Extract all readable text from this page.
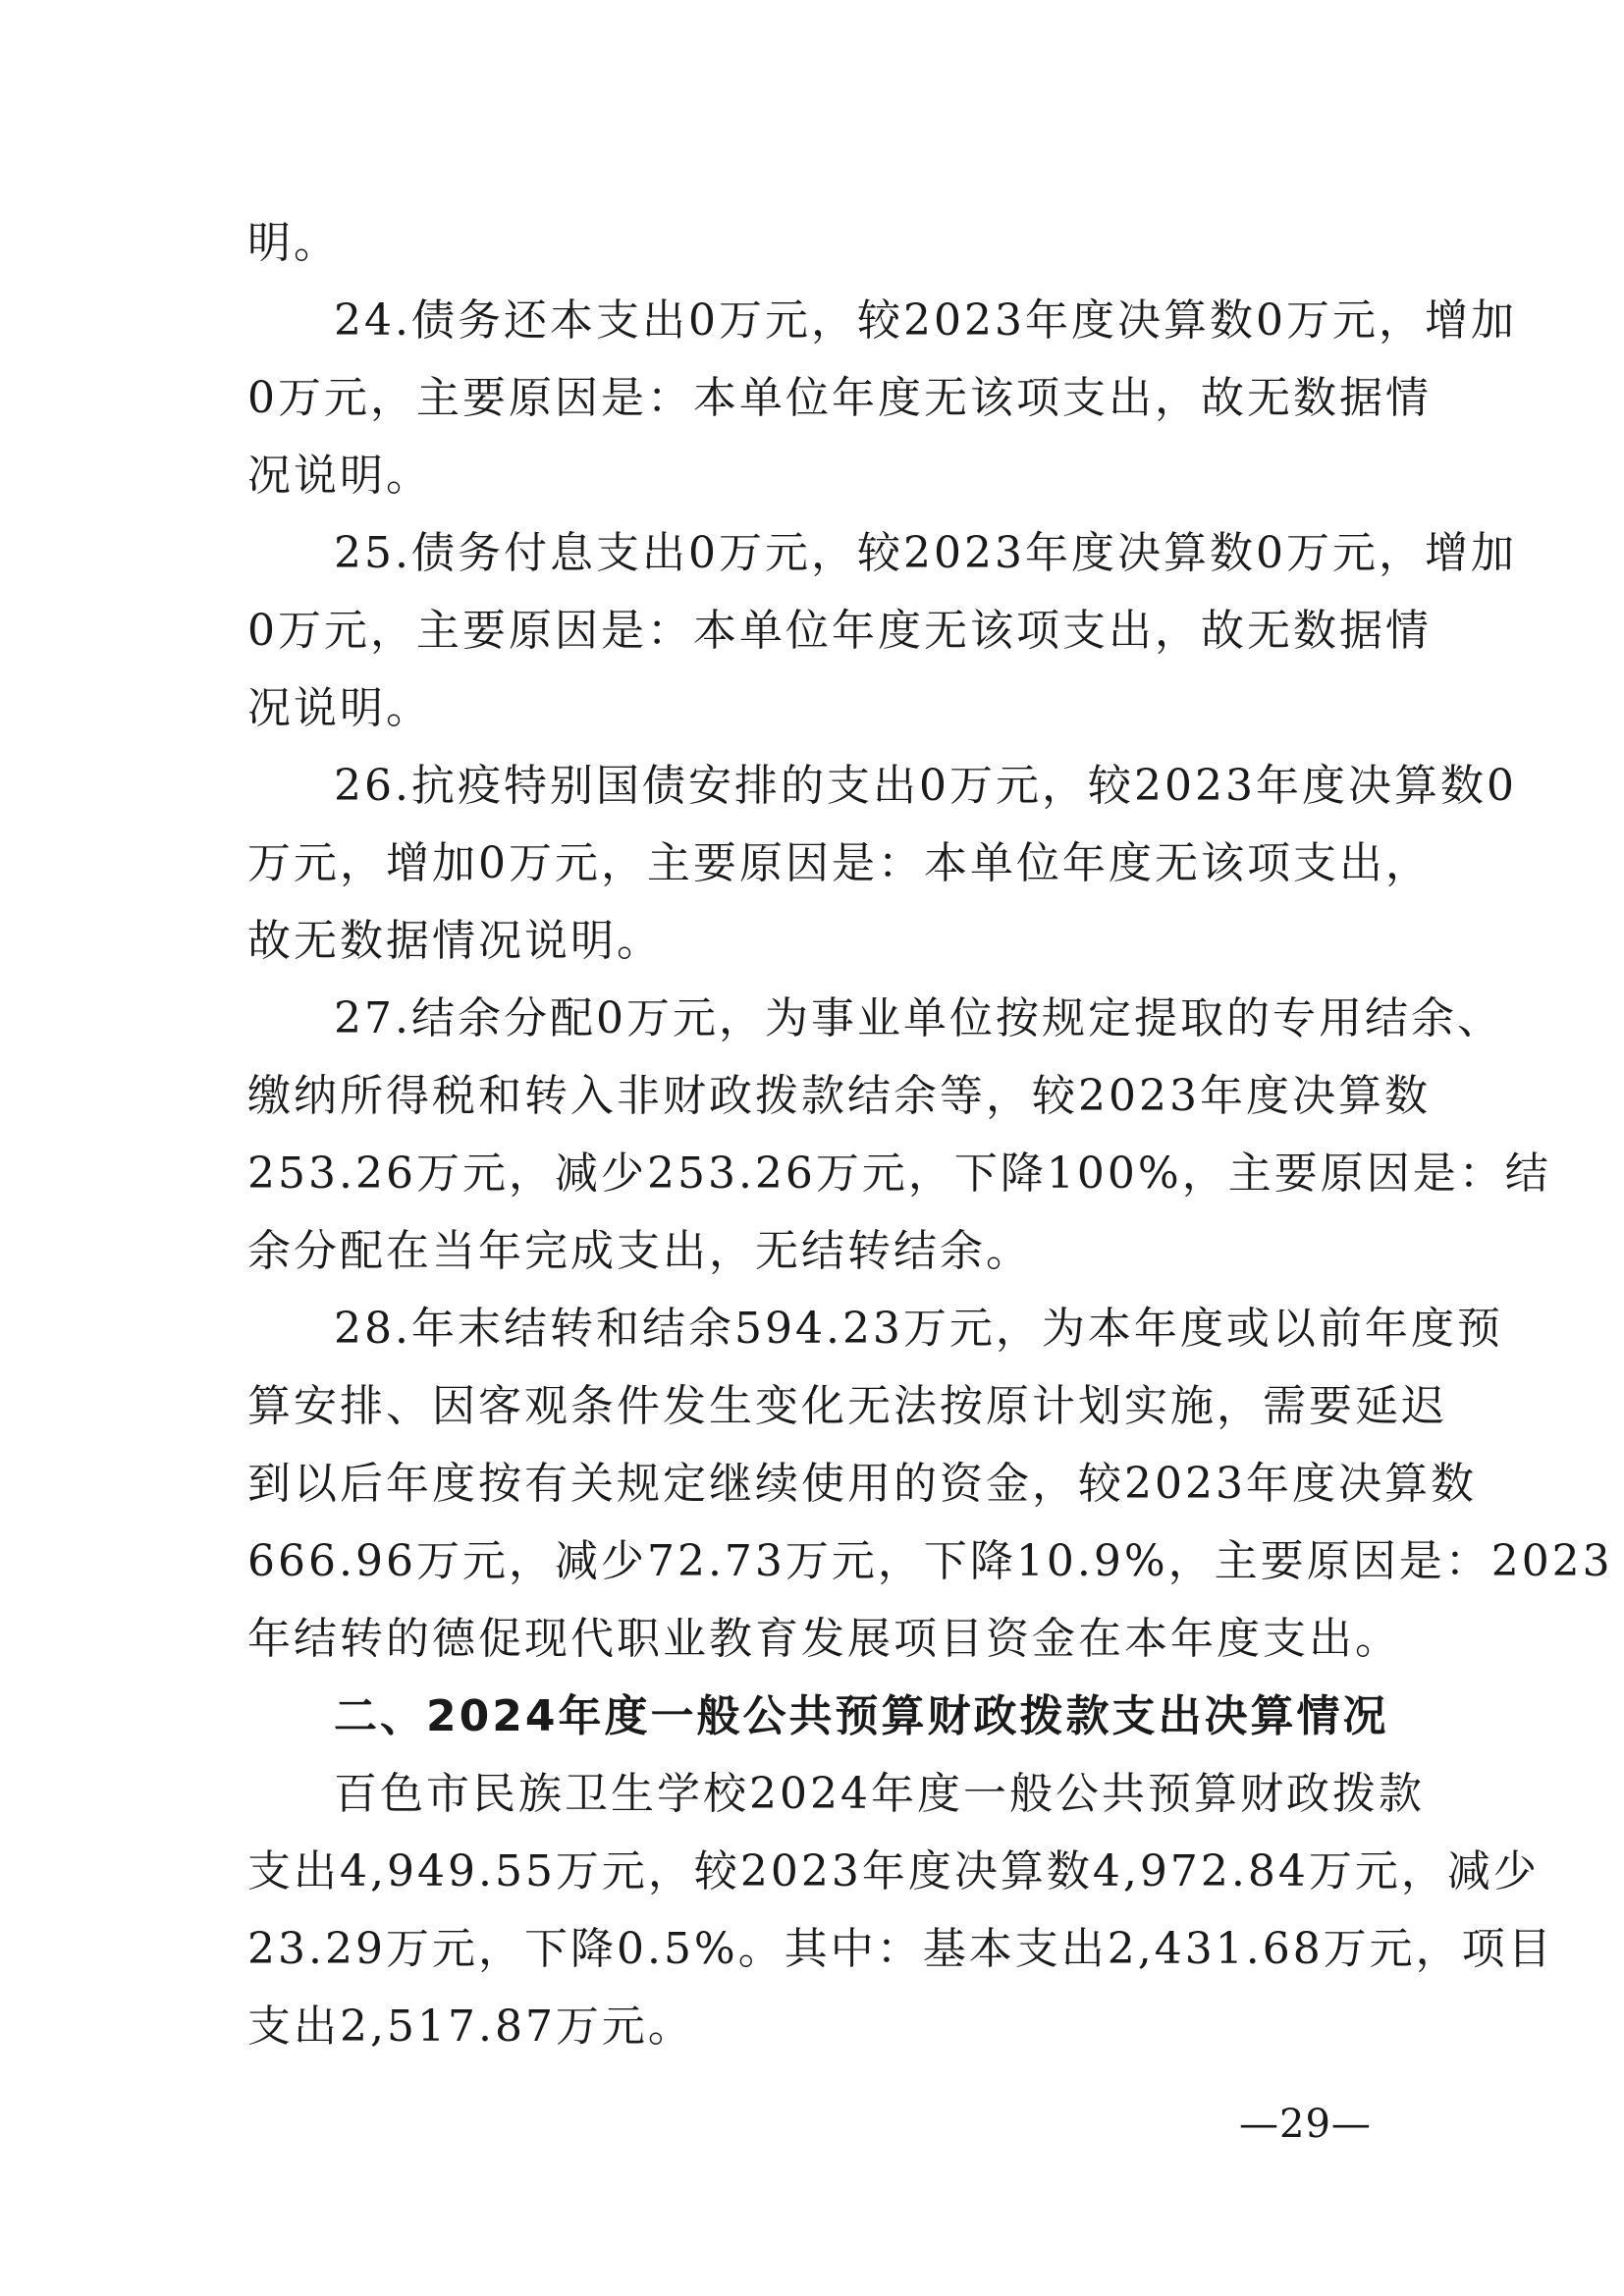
明。

24.债务还本支出0万元，较2023年度决算数0万元，增加

0万元，主要原因是：本单位年度无该项支出，故无数据情

况说明。

25.债务付息支出0万元，较2023年度决算数0万元，增加

0万元，主要原因是：本单位年度无该项支出，故无数据情

况说明。

26.抗疫特别国债安排的支出0万元，较2023年度决算数0

万元，增加0万元，主要原因是：本单位年度无该项支出，

故无数据情况说明。

27.结余分配0万元，为事业单位按规定提取的专用结余、

缴纳所得税和转入非财政拨款结余等，较2023年度决算数

253.26万元，减少253.26万元，下降100%，主要原因是：结

余分配在当年完成支出，无结转结余。

28.年末结转和结余594.23万元，为本年度或以前年度预

算安排、因客观条件发生变化无法按原计划实施，需要延迟

到以后年度按有关规定继续使用的资金，较2023年度决算数

666.96万元，减少72.73万元，下降10.9%，主要原因是：2023

年结转的德促现代职业教育发展项目资金在本年度支出。

二、2024年度一般公共预算财政拨款支出决算情况

百色市民族卫生学校2024年度一般公共预算财政拨款

支出4,949.55万元，较2023年度决算数4,972.84万元，减少

23.29万元，下降0.5%。其中：基本支出2,431.68万元，项目

支出2,517.87万元。

—29—
